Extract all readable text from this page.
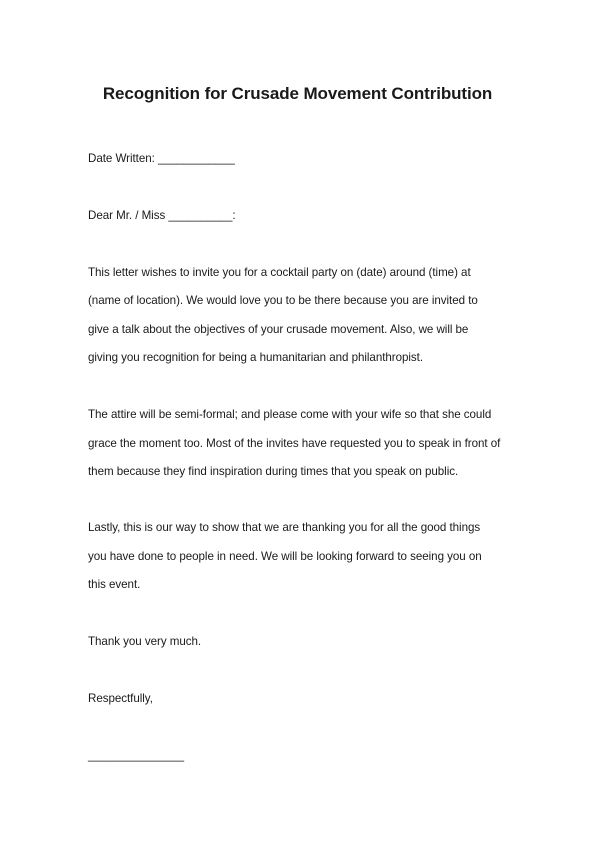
Recognition for Crusade Movement Contribution
Date Written: ____________
Dear Mr. / Miss __________:
This letter wishes to invite you for a cocktail party on (date) around (time) at
(name of location). We would love you to be there because you are invited to
give a talk about the objectives of your crusade movement. Also, we will be
giving you recognition for being a humanitarian and philanthropist.
The attire will be semi-formal; and please come with your wife so that she could
grace the moment too. Most of the invites have requested you to speak in front of
them because they find inspiration during times that you speak on public.
Lastly, this is our way to show that we are thanking you for all the good things
you have done to people in need. We will be looking forward to seeing you on
this event.
Thank you very much.
Respectfully,
_______________
